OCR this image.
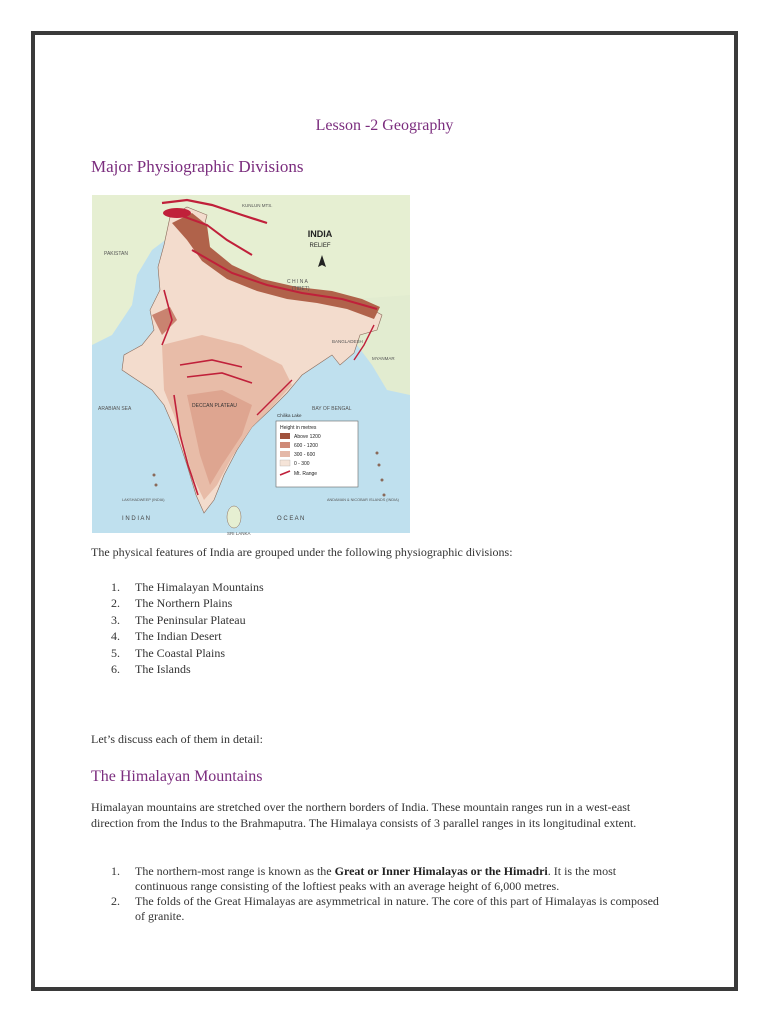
Lesson -2 Geography
Major Physiographic Divisions
INDIA
RELIEF
PAKISTAN
C H I N A
(TIBET)
KUNLUN MTS.
ARABIAN SEA	BAY OF BENGAL
DECCAN PLATEAU
MYANMAR
BANGLADESH
Chilika Lake
SRI LANKA
I N D I A N	O C E A N
LAKSHADWEEP (INDIA)	ANDAMAN & NICOBAR ISLANDS (INDIA)
Height in metres
Above 1200
600 - 1200
300 - 600
0 - 300
Mt. Range

The physical features of India are grouped under the following physiographic divisions:

1.	The Himalayan Mountains
2.	The Northern Plains
3.	The Peninsular Plateau
4.	The Indian Desert
5.	The Coastal Plains
6.	The Islands

Let’s discuss each of them in detail:

The Himalayan Mountains

Himalayan mountains are stretched over the northern borders of India. These mountain ranges run in a west-east direction from the Indus to the Brahmaputra. The Himalaya consists of 3 parallel ranges in its longitudinal extent.

1.	The northern-most range is known as the Great or Inner Himalayas or the Himadri. It is the most continuous range consisting of the loftiest peaks with an average height of 6,000 metres.
2.	The folds of the Great Himalayas are asymmetrical in nature. The core of this part of Himalayas is composed of granite.
